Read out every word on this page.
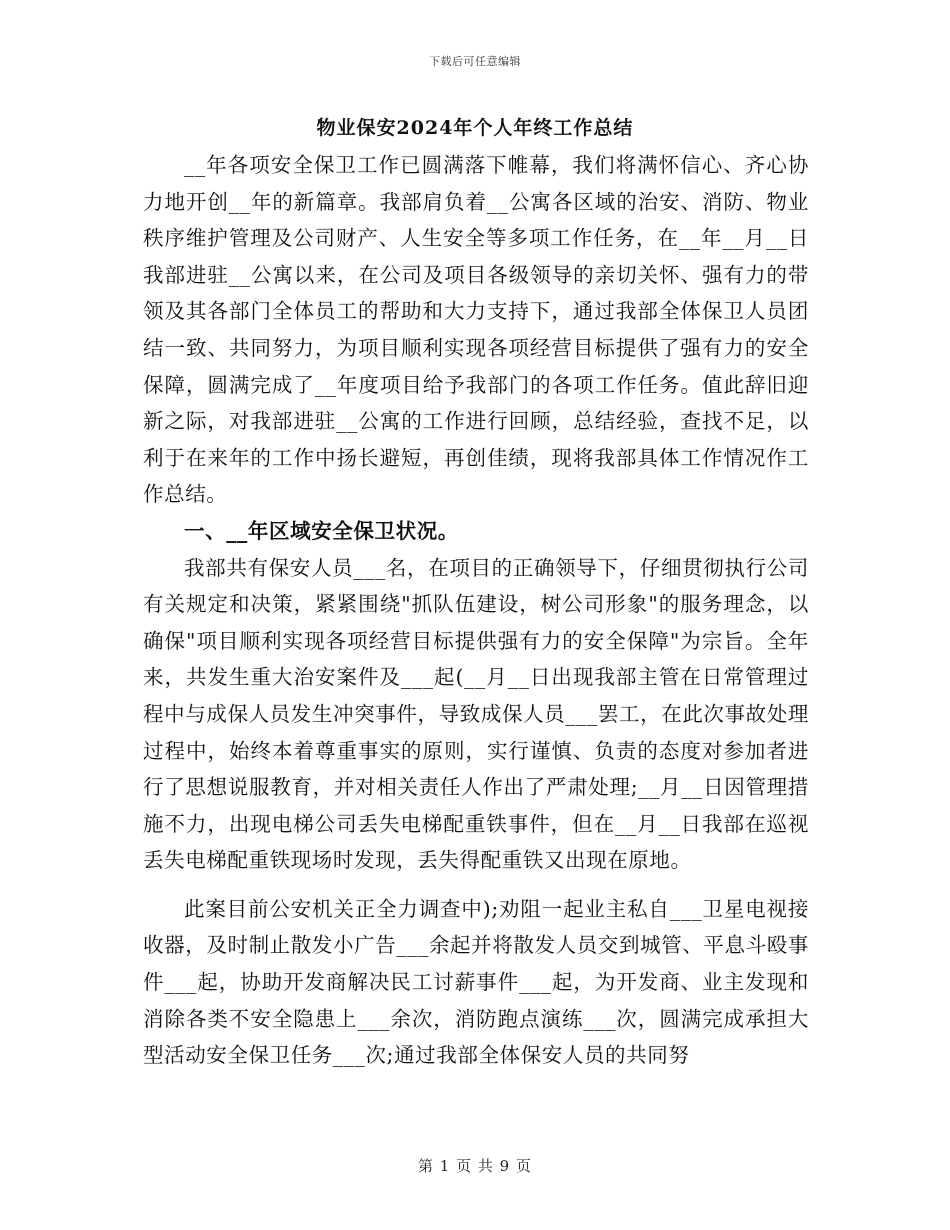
下载后可任意编辑
物业保安2024年个人年终工作总结

__年各项安全保卫工作已圆满落下帷幕，我们将满怀信心、齐心协力地开创__年的新篇章。我部肩负着__公寓各区域的治安、消防、物业秩序维护管理及公司财产、人生安全等多项工作任务，在__年__月__日我部进驻__公寓以来，在公司及项目各级领导的亲切关怀、强有力的带领及其各部门全体员工的帮助和大力支持下，通过我部全体保卫人员团结一致、共同努力，为项目顺利实现各项经营目标提供了强有力的安全保障，圆满完成了__年度项目给予我部门的各项工作任务。值此辞旧迎新之际，对我部进驻__公寓的工作进行回顾，总结经验，查找不足，以利于在来年的工作中扬长避短，再创佳绩，现将我部具体工作情况作工作总结。

一、__年区域安全保卫状况。

我部共有保安人员___名，在项目的正确领导下，仔细贯彻执行公司有关规定和决策，紧紧围绕"抓队伍建设，树公司形象"的服务理念，以确保"项目顺利实现各项经营目标提供强有力的安全保障"为宗旨。全年来，共发生重大治安案件及___起(__月__日出现我部主管在日常管理过程中与成保人员发生冲突事件，导致成保人员___罢工，在此次事故处理过程中，始终本着尊重事实的原则，实行谨慎、负责的态度对参加者进行了思想说服教育，并对相关责任人作出了严肃处理;__月__日因管理措施不力，出现电梯公司丢失电梯配重铁事件，但在__月__日我部在巡视丢失电梯配重铁现场时发现，丢失得配重铁又出现在原地。

此案目前公安机关正全力调查中);劝阻一起业主私自___卫星电视接收器，及时制止散发小广告___余起并将散发人员交到城管、平息斗殴事件___起，协助开发商解决民工讨薪事件___起，为开发商、业主发现和消除各类不安全隐患上___余次，消防跑点演练___次，圆满完成承担大型活动安全保卫任务___次;通过我部全体保安人员的共同努

第 1 页 共 9 页
